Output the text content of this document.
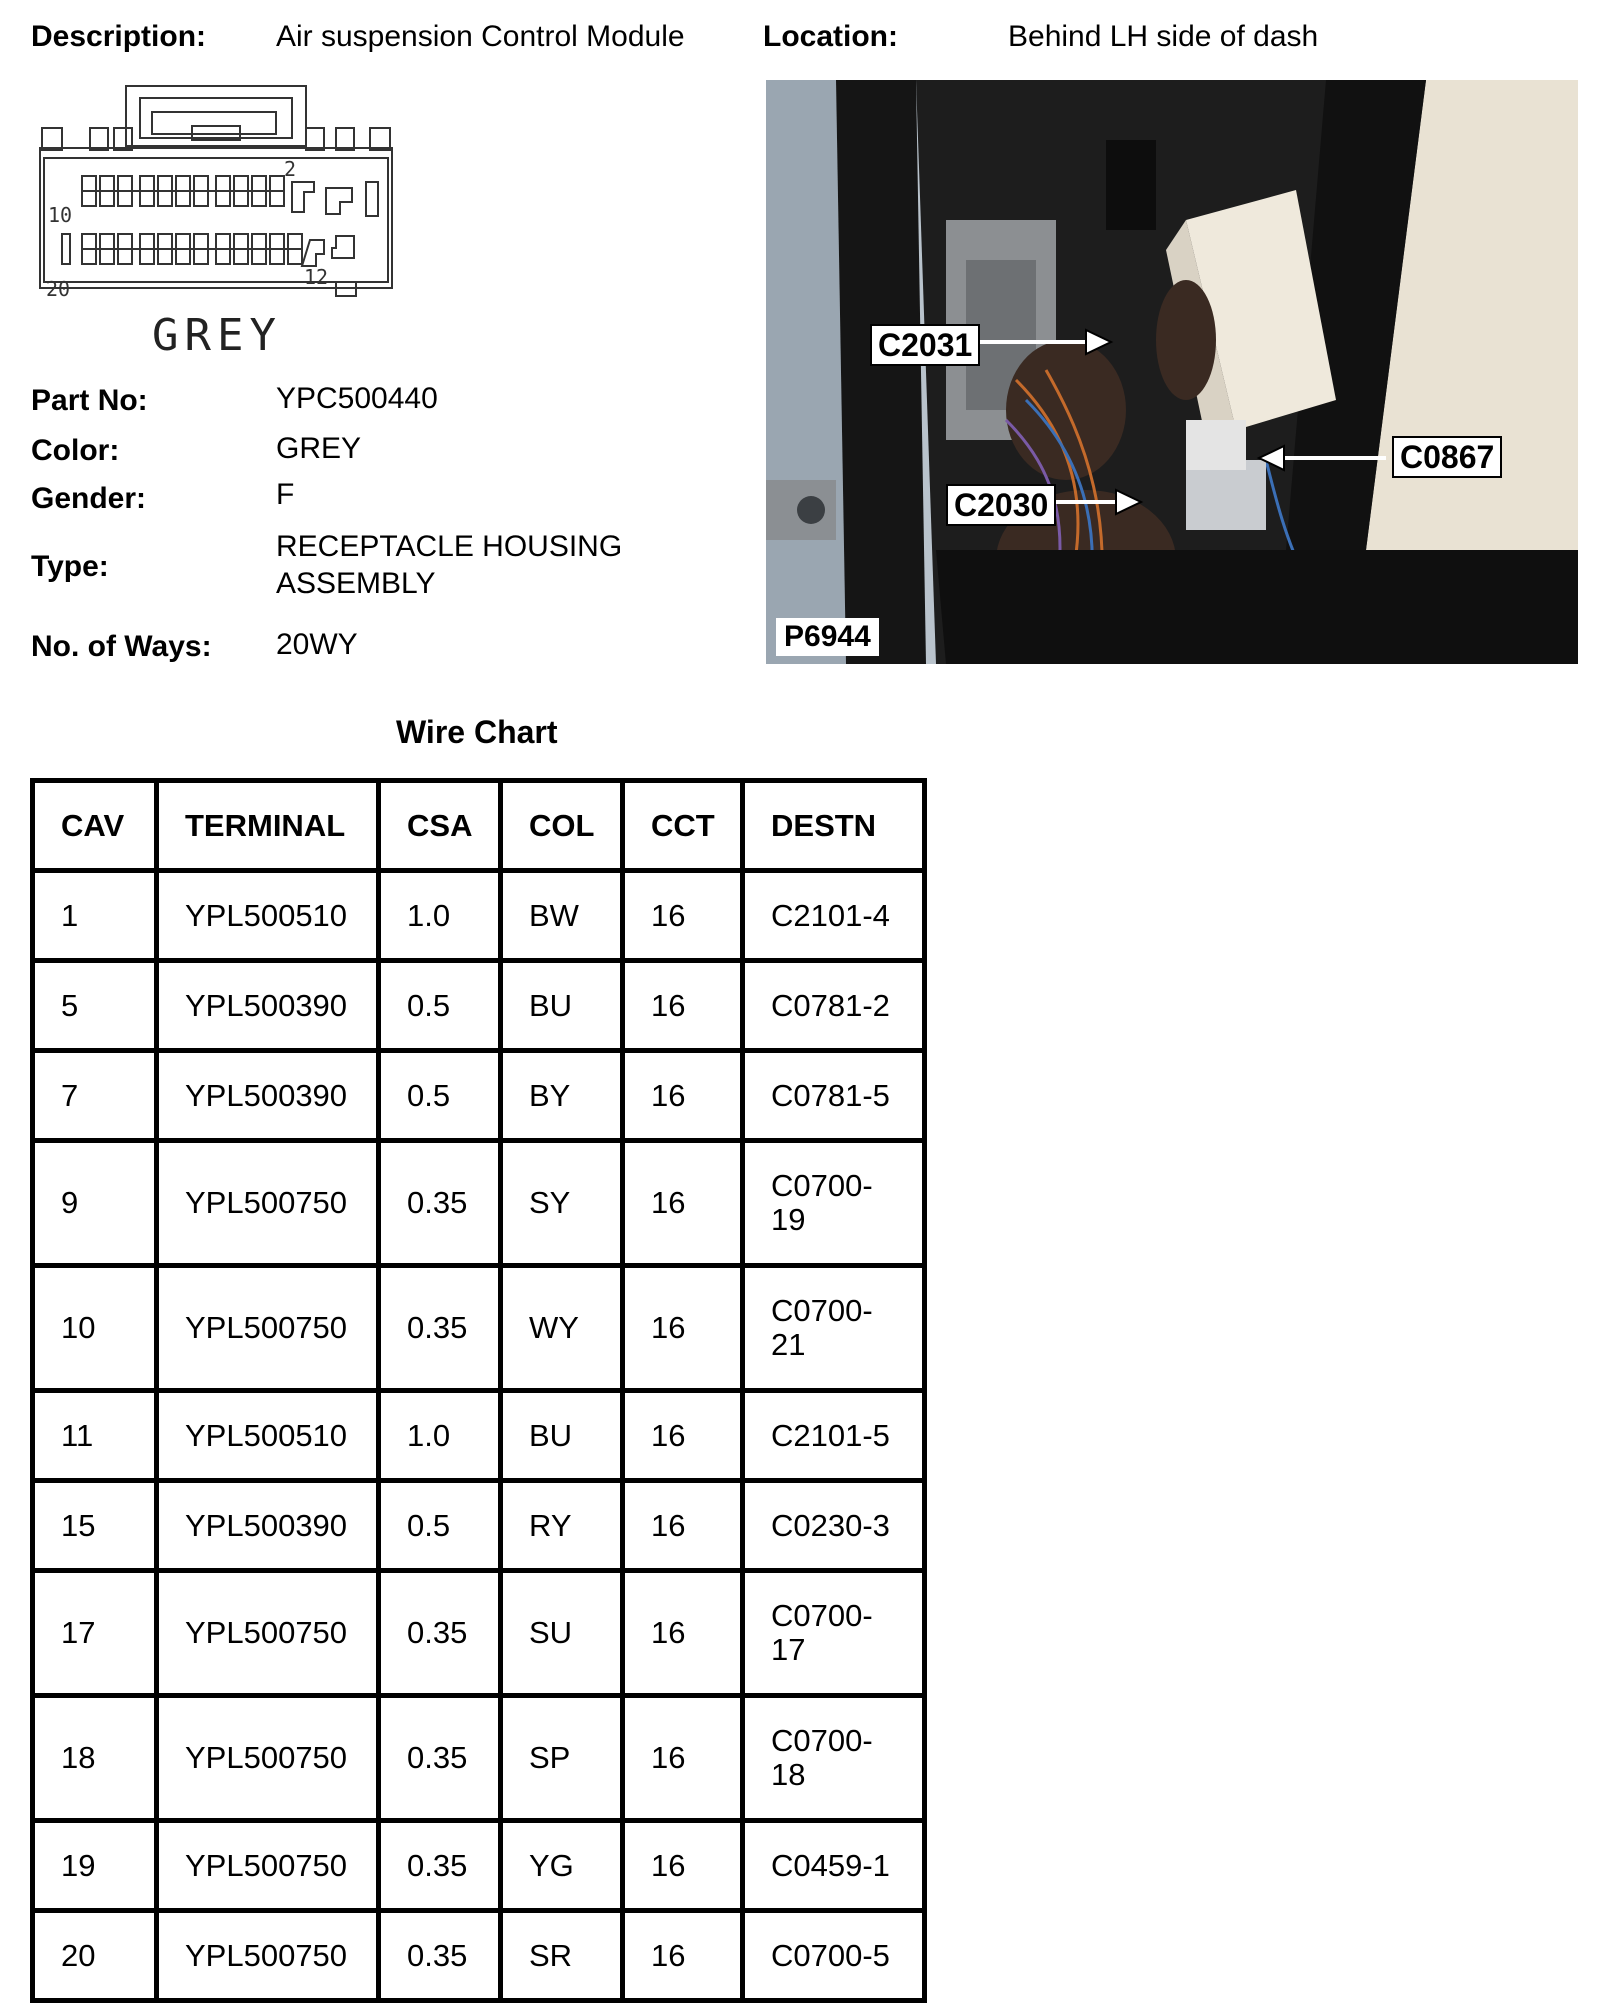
Description: Air suspension Control Module	Location:	Behind LH side of dash
2
10
20	12
GREY
Part No:	YPC500440
Color:	GREY
Gender:	F
Type:
RECEPTACLE HOUSING ASSEMBLY
No. of Ways: 20WY
C2031
C0867
C2030
P6944
Wire Chart
CAV	TERMINAL	CSA	COL	CCT	DESTN
1	YPL500510	1.0	BW	16	C2101-4
5	YPL500390	0.5	BU	16	C0781-2
7	YPL500390	0.5	BY	16	C0781-5
9	YPL500750	0.35	SY	16	C0700-19
10	YPL500750	0.35	WY	16	C0700-21
11	YPL500510	1.0	BU	16	C2101-5
15	YPL500390	0.5	RY	16	C0230-3
17	YPL500750	0.35	SU	16	C0700-17
18	YPL500750	0.35	SP	16	C0700-18
19	YPL500750	0.35	YG	16	C0459-1
20	YPL500750	0.35	SR	16	C0700-5
